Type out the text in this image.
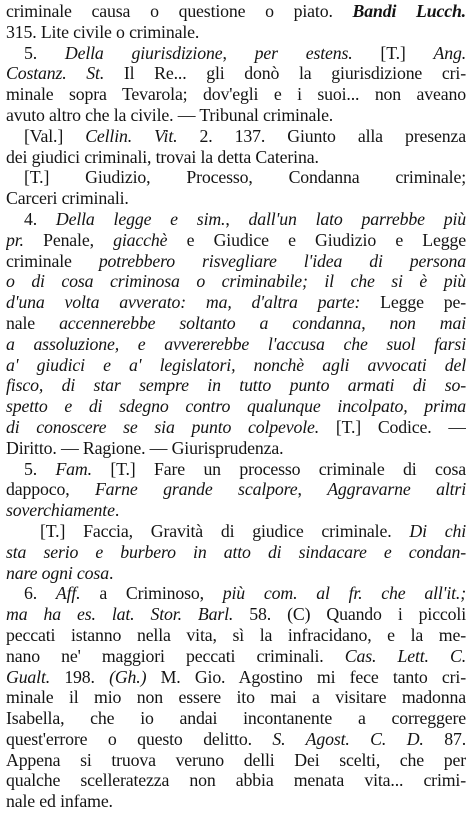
criminale causa o questione o piato. Bandi Lucch.
315. Lite civile o criminale.
5. Della giurisdizione, per estens. [T.] Ang.
Costanz. St. Il Re... gli donò la giurisdizione cri-
minale sopra Tevarola; dov'egli e i suoi... non aveano
avuto altro che la civile. — Tribunal criminale.
[Val.] Cellin. Vit. 2. 137. Giunto alla presenza
dei giudici criminali, trovai la detta Caterina.
[T.] Giudizio, Processo, Condanna criminale;
Carceri criminali.
4. Della legge e sim., dall'un lato parrebbe più
pr. Penale, giacchè e Giudice e Giudizio e Legge
criminale potrebbero risvegliare l'idea di persona
o di cosa criminosa o criminabile; il che si è più
d'una volta avverato: ma, d'altra parte: Legge pe-
nale accennerebbe soltanto a condanna, non mai
a assoluzione, e avvererebbe l'accusa che suol farsi
a' giudici e a' legislatori, nonchè agli avvocati del
fisco, di star sempre in tutto punto armati di so-
spetto e di sdegno contro qualunque incolpato, prima
di conoscere se sia punto colpevole. [T.] Codice. —
Diritto. — Ragione. — Giurisprudenza.
5. Fam. [T.] Fare un processo criminale di cosa
dappoco, Farne grande scalpore, Aggravarne altri
soverchiamente.
[T.] Faccia, Gravità di giudice criminale. Di chi
sta serio e burbero in atto di sindacare e condan-
nare ogni cosa.
6. Aff. a Criminoso, più com. al fr. che all'it.;
ma ha es. lat. Stor. Barl. 58. (C) Quando i piccoli
peccati istanno nella vita, sì la infracidano, e la me-
nano ne' maggiori peccati criminali. Cas. Lett. C.
Gualt. 198. (Gh.) M. Gio. Agostino mi fece tanto cri-
minale il mio non essere ito mai a visitare madonna
Isabella, che io andai incontanente a correggere
quest'errore o questo delitto. S. Agost. C. D. 87.
Appena si truova veruno delli Dei scelti, che per
qualche scelleratezza non abbia menata vita... crimi-
nale ed infame.
